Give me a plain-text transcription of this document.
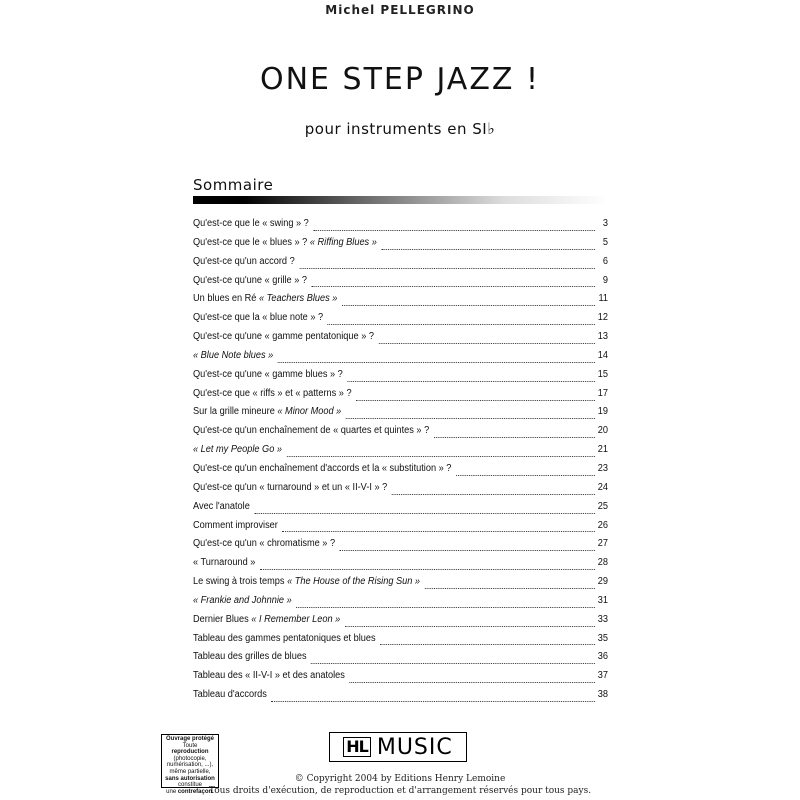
Michel PELLEGRINO
ONE STEP JAZZ !
pour instruments en SI♭
Sommaire
Qu'est-ce que le « swing » ?	3
Qu'est-ce que le « blues » ? « Riffing Blues »	5
Qu'est-ce qu'un accord ?	6
Qu'est-ce qu'une « grille » ?	9
Un blues en Ré « Teachers Blues »	11
Qu'est-ce que la « blue note » ?	12
Qu'est-ce qu'une « gamme pentatonique » ?	13
« Blue Note blues »	14
Qu'est-ce qu'une « gamme blues » ?	15
Qu'est-ce que « riffs » et « patterns » ?	17
Sur la grille mineure « Minor Mood »	19
Qu'est-ce qu'un enchaînement de « quartes et quintes » ?	20
« Let my People Go »	21
Qu'est-ce qu'un enchaînement d'accords et la « substitution » ?	23
Qu'est-ce qu'un « turnaround » et un « II-V-I » ?	24
Avec l'anatole	25
Comment improviser	26
Qu'est-ce qu'un « chromatisme » ?	27
« Turnaround »	28
Le swing à trois temps « The House of the Rising Sun »	29
« Frankie and Johnnie »	31
Dernier Blues « I Remember Leon »	33
Tableau des gammes pentatoniques et blues	35
Tableau des grilles de blues	36
Tableau des « II-V-I » et des anatoles	37
Tableau d'accords	38
Ouvrage protégé
Toute reproduction
(photocopie,
numérisation, ...),
même partielle,
sans autorisation
constitue
une contrefaçon.
HL MUSIC
© Copyright 2004 by Editions Henry Lemoine
Tous droits d'exécution, de reproduction et d'arrangement réservés pour tous pays.
